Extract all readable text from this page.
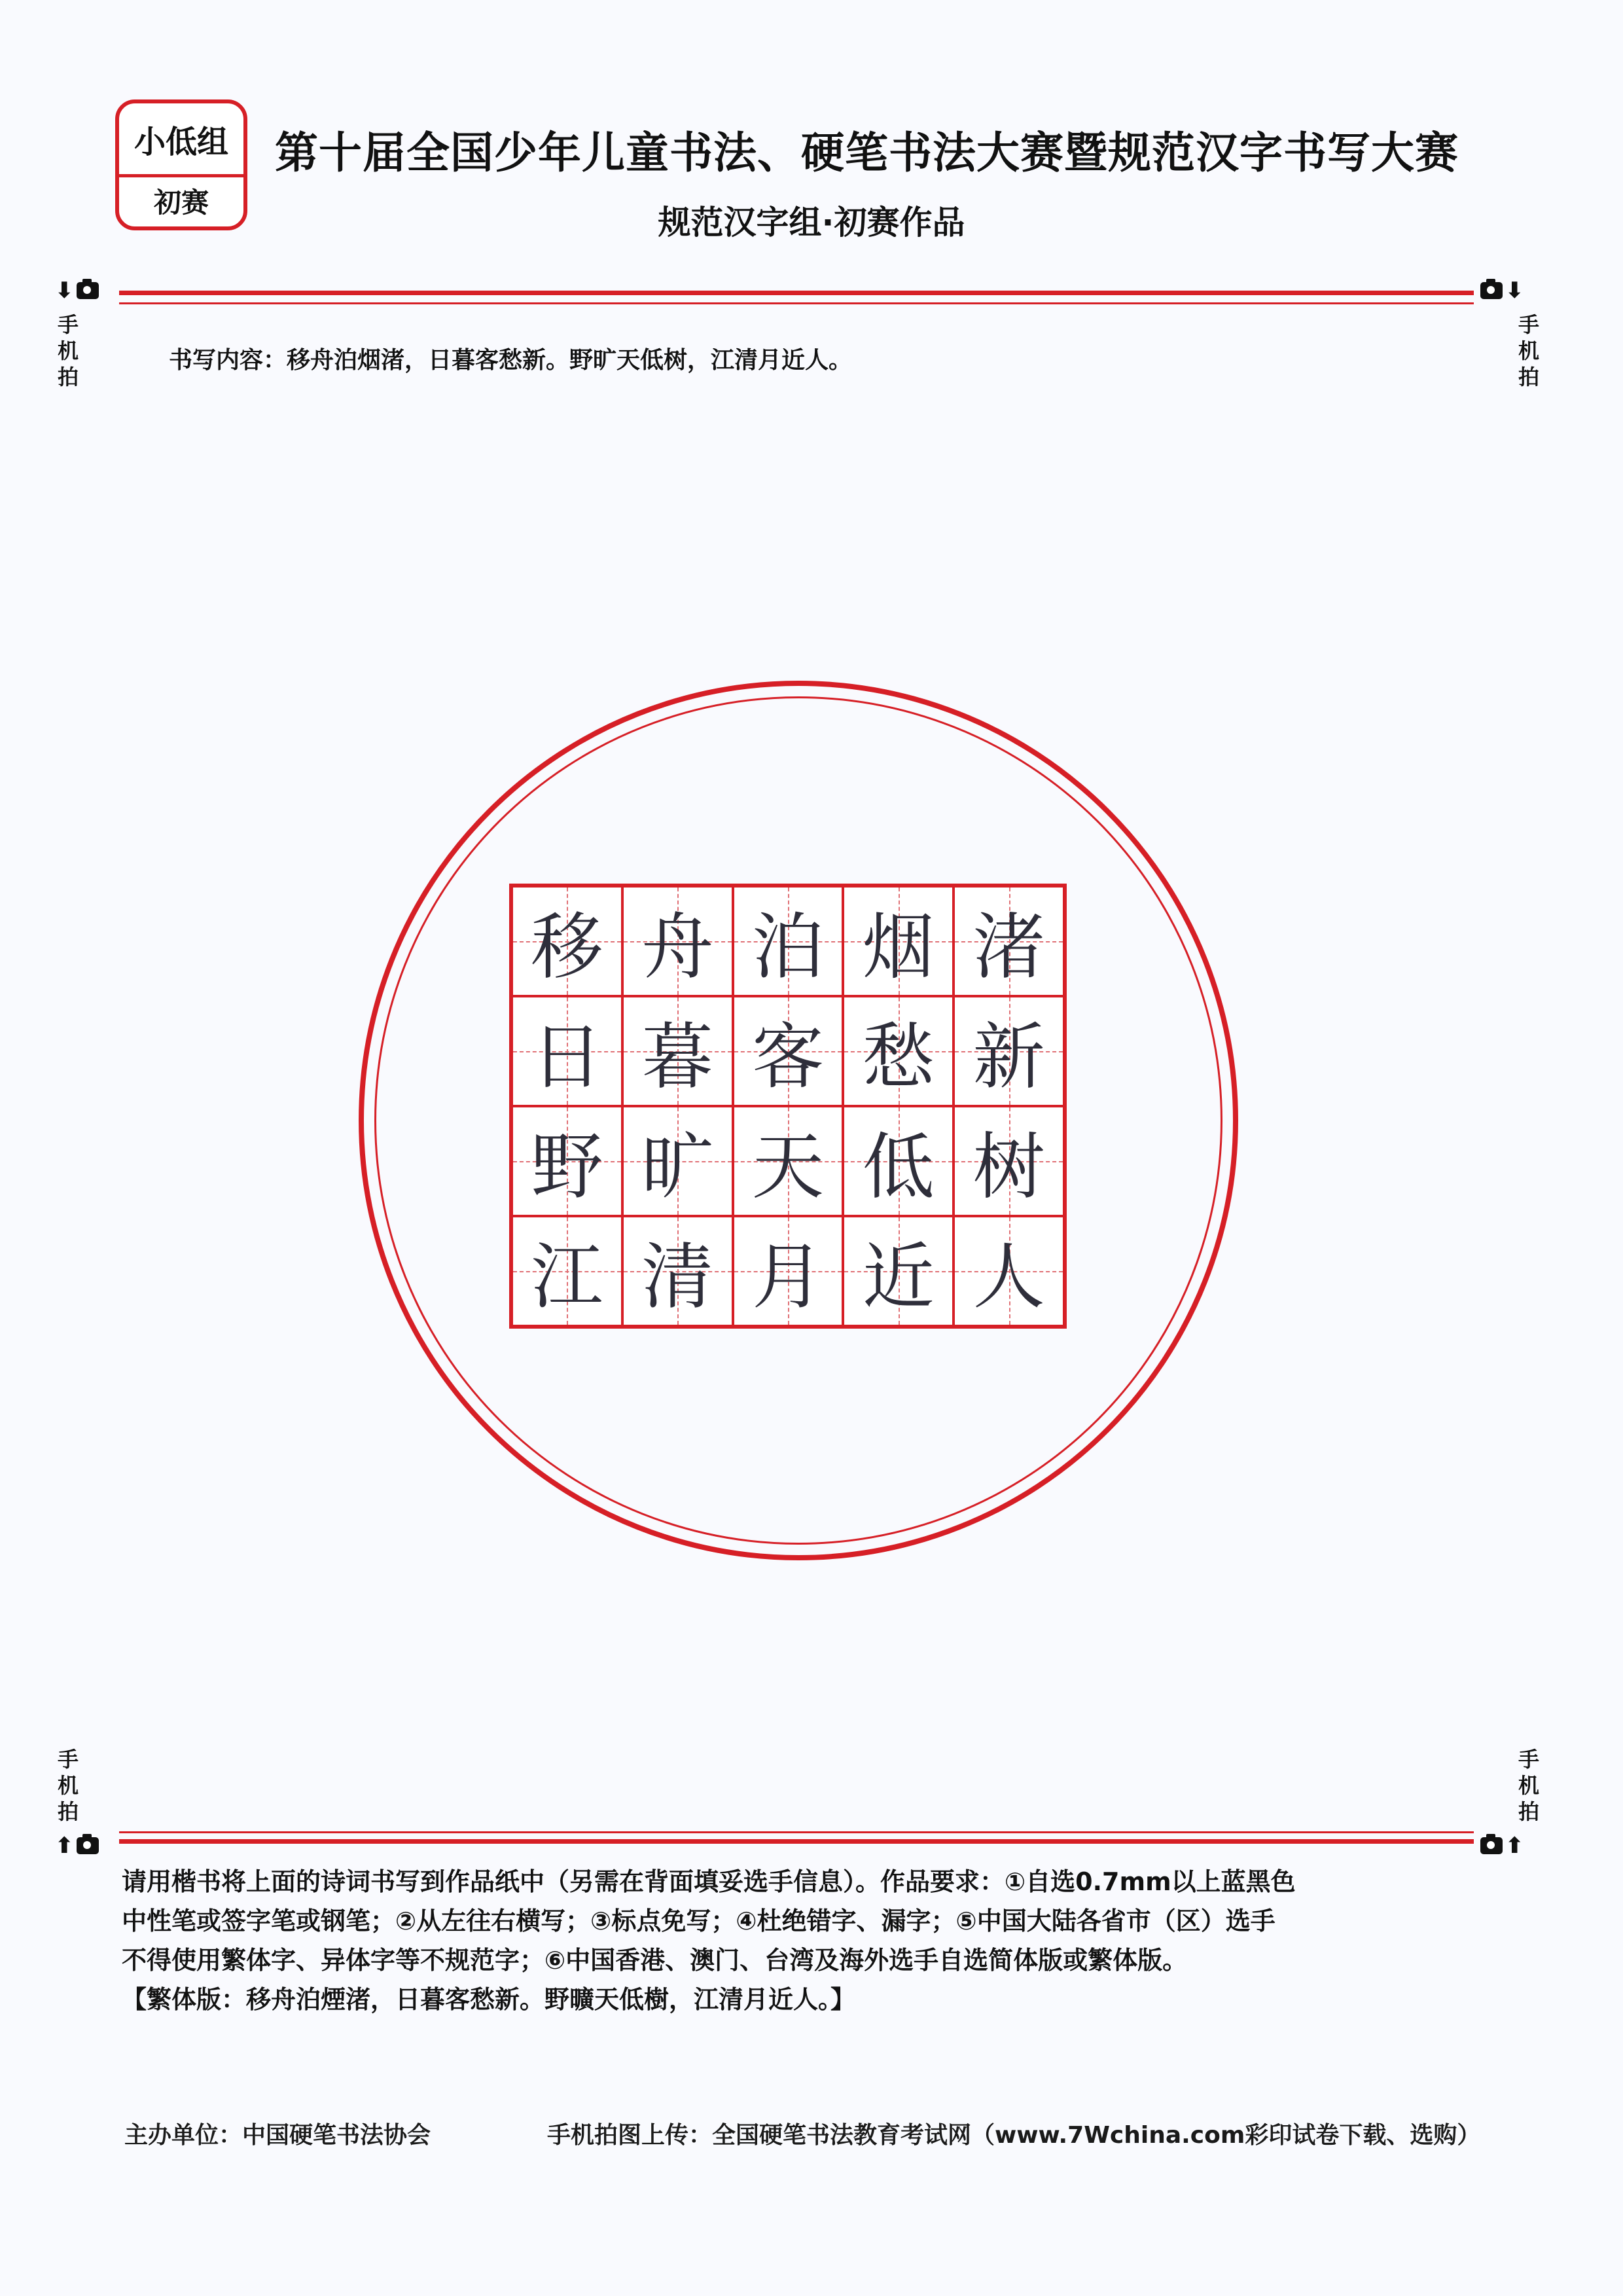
小低组
初赛
第十届全国少年儿童书法、硬笔书法大赛暨规范汉字书写大赛
规范汉字组·初赛作品
⬇	⬇
手
机
拍
手
机
拍
书写内容：移舟泊烟渚，日暮客愁新。野旷天低树，江清月近人。
移 舟 泊 烟 渚
日 暮 客 愁 新
野 旷 天 低 树
江 清 月 近 人
手
机
拍
手
机
拍
⬆	⬆

请用楷书将上面的诗词书写到作品纸中（另需在背面填妥选手信息）。作品要求：①自选0.7mm以上蓝黑色

中性笔或签字笔或钢笔；②从左往右横写；③标点免写；④杜绝错字、漏字；⑤中国大陆各省市（区）选手

不得使用繁体字、异体字等不规范字；⑥中国香港、澳门、台湾及海外选手自选简体版或繁体版。

【繁体版：移舟泊煙渚，日暮客愁新。野曠天低樹，江清月近人。】

主办单位：中国硬笔书法协会	手机拍图上传：全国硬笔书法教育考试网（www.7Wchina.com彩印试卷下载、选购）
